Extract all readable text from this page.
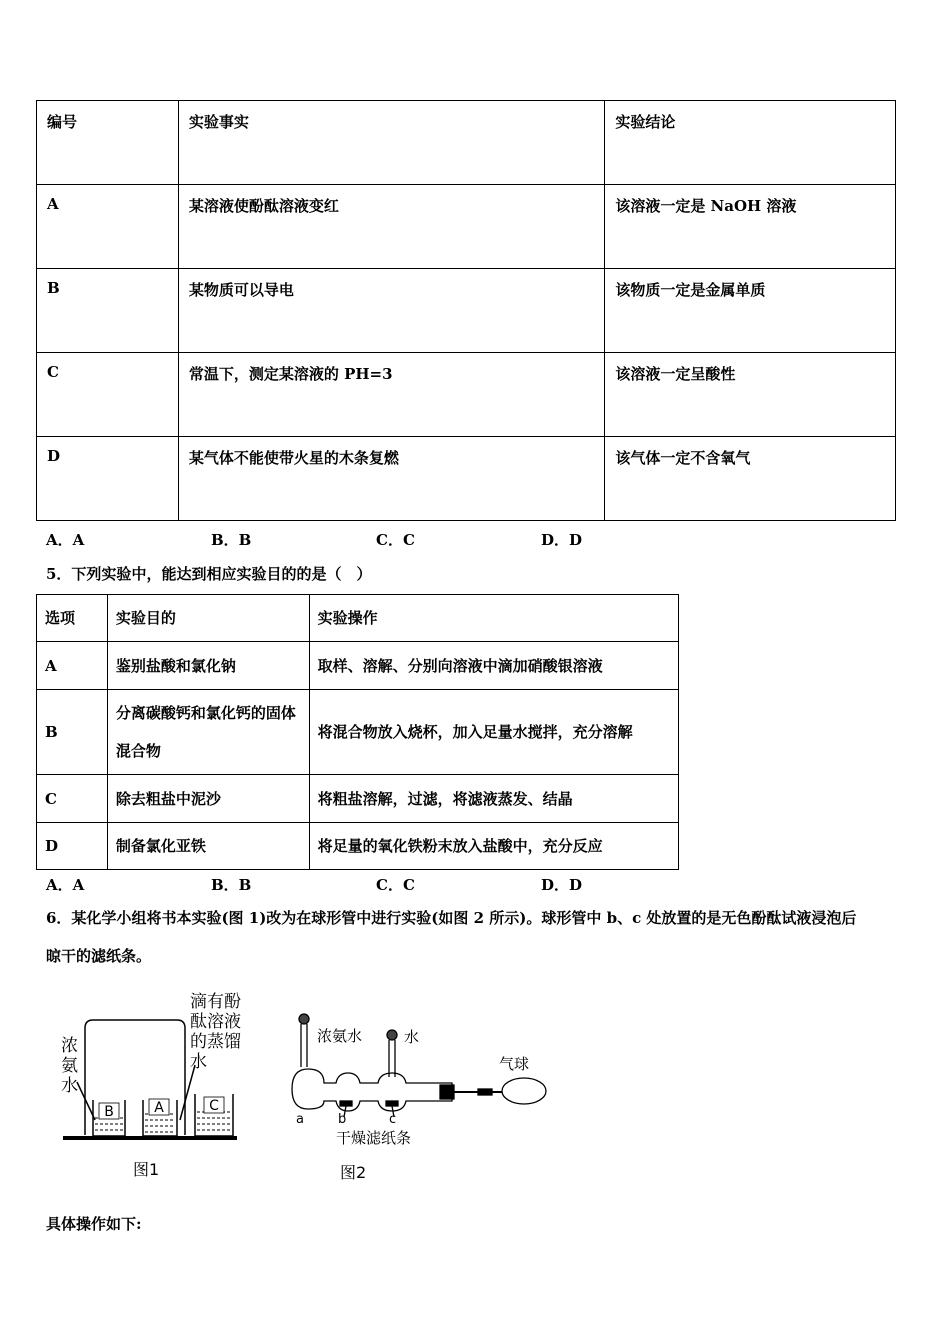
编号	实验事实	实验结论
A	某溶液使酚酞溶液变红	该溶液一定是 NaOH 溶液
B	某物质可以导电	该物质一定是金属单质
C	常温下，测定某溶液的 PH=3	该溶液一定呈酸性
D	某气体不能使带火星的木条复燃	该气体一定不含氧气
A．A	B．B	C．C	D．D
5．下列实验中，能达到相应实验目的的是（　）
选项	实验目的	实验操作
A	鉴别盐酸和氯化钠	取样、溶解、分别向溶液中滴加硝酸银溶液
B	分离碳酸钙和氯化钙的固体混合物	将混合物放入烧杯，加入足量水搅拌，充分溶解
C	除去粗盐中泥沙	将粗盐溶解，过滤，将滤液蒸发、结晶
D	制备氯化亚铁	将足量的氧化铁粉末放入盐酸中，充分反应
A．A	B．B	C．C	D．D
6．某化学小组将书本实验(图 1)改为在球形管中进行实验(如图 2 所示)。球形管中 b、c 处放置的是无色酚酞试液浸泡后
晾干的滤纸条。
B	A	C
浓氨水
滴有酚酞溶液的蒸馏水
图1
浓氨水	水
气球
a	b	c
干燥滤纸条
图2
具体操作如下:
